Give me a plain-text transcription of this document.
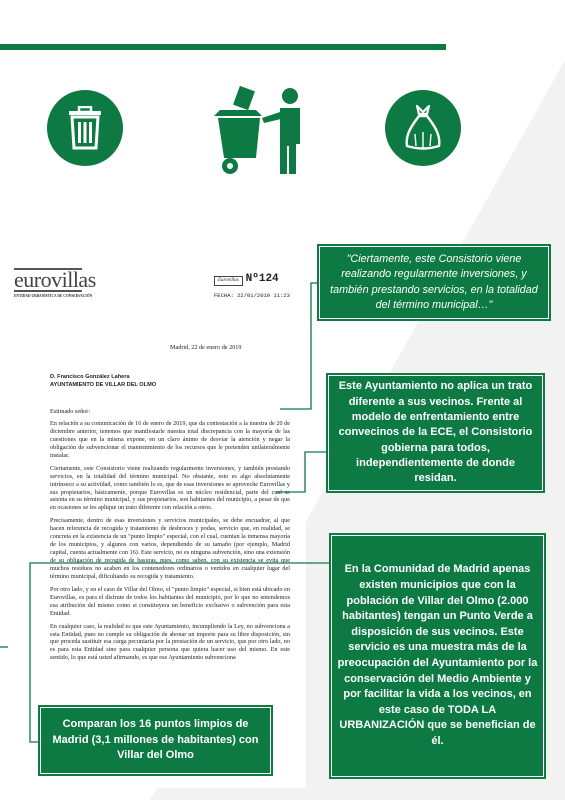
eurovillas
ENTIDAD URBANÍSTICA DE CONSERVACIÓN
Eurovillas Nº124
FECHA: 22/01/2019 11:23
Madrid, 22 de enero de 2019
D. Francisco González Lahera
AYUNTAMIENTO DE VILLAR DEL OLMO
Estimado señor:

En relación a su comunicación de 16 de enero de 2019, que da contestación a la nuestra de 20 de diciembre anterior, tenemos que manifestarle nuestra total discrepancia con la mayoría de las cuestiones que en la misma expone, en un claro ánimo de desviar la atención y negar la obligación de subvencionar el mantenimiento de los recursos que le pretenden unilateralmente instalar.

Ciertamente, este Consistorio viene realizando regularmente inversiones, y también prestando servicios, en la totalidad del término municipal. No obstante, esto es algo absolutamente intrínseco a su actividad, como también lo es, que de esas inversiones se aproveche Eurovillas y sus propietarios, básicamente, porque Eurovillas es un núcleo residencial, parte del cual se asienta en su término municipal, y sus propietarios, son habitantes del municipio, a pesar de que en ocasiones se les aplique un trato diferente con relación a otros.

Precisamente, dentro de esas inversiones y servicios municipales, se debe encuadrar, al que hacen referencia de recogida y tratamiento de desbroces y podas, servicio que, en realidad, se concreta en la existencia de un "punto limpio" especial, con el cual, cuentan la inmensa mayoría de los municipios, y algunos con varios, dependiendo de su tamaño (por ejemplo, Madrid capital, cuenta actualmente con 16). Este servicio, no es ninguna subvención, sino una extensión de su obligación de recogida de basuras, pues, como saben, con su existencia se evita que muchos residuos no acaben en los contenedores ordinarios o vertidos en cualquier lugar del término municipal, dificultando su recogida y tratamiento.

Por otro lado, y en el caso de Villar del Olmo, el "punto limpio" especial, si bien está ubicado en Eurovillas, es para el disfrute de todos los habitantes del municipio, por lo que no entendemos esa atribución del mismo como si constituyera un beneficio exclusivo o subvención para esta Entidad.

En cualquier caso, la realidad es que este Ayuntamiento, incumpliendo la Ley, no subvenciona a esta Entidad, pues no cumple su obligación de abonar un importe para su libre disposición, sin que proceda sustituir esa carga pecuniaria por la prestación de un servicio, que por otro lado, no es para esta Entidad sino para cualquier persona que quiera hacer uso del mismo. En este sentido, lo que está usted afirmando, es que ese Ayuntamiento subvenciona

"Ciertamente, este Consistorio viene realizando regularmente inversiones, y también prestando servicios, en la totalidad del término municipal…"
Este Ayuntamiento no aplica un trato diferente a sus vecinos. Frente al modelo de enfrentamiento entre convecinos de la ECE, el Consistorio gobierna para todos, independientemente de donde residan.
En la Comunidad de Madrid apenas existen municipios que con la población de Villar del Olmo (2.000 habitantes) tengan un Punto Verde a disposición de sus vecinos. Este servicio es una muestra más de la preocupación del Ayuntamiento por la conservación del Medio Ambiente y por facilitar la vida a los vecinos, en este caso de TODA LA URBANIZACIÓN que se benefician de él.
Comparan los 16 puntos limpios de Madrid (3,1 millones de habitantes) con Villar del Olmo	7
